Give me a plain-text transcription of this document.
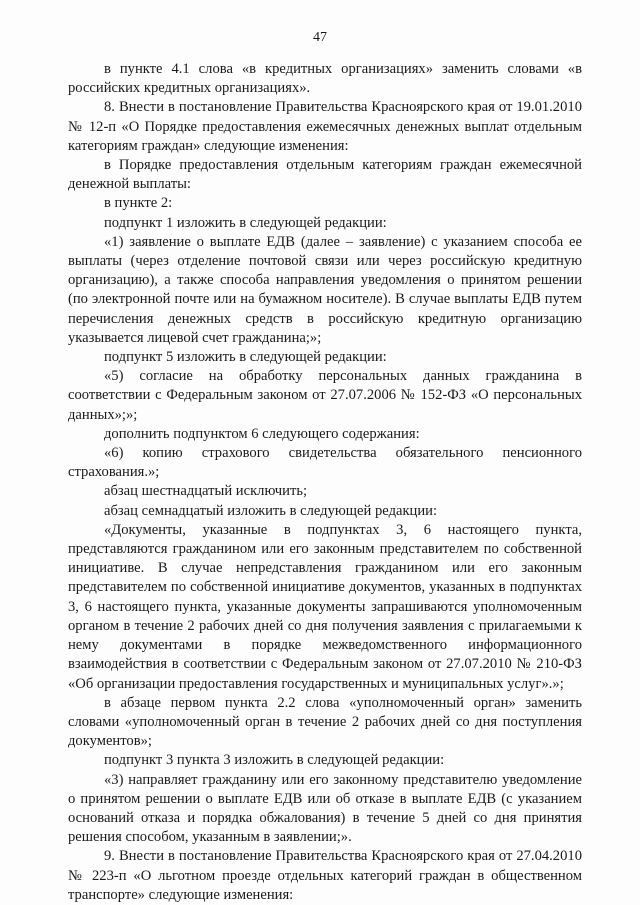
47

в пункте 4.1 слова «в кредитных организациях» заменить словами «в российских кредитных организациях».

8. Внести в постановление Правительства Красноярского края от 19.01.2010 № 12-п «О Порядке предоставления ежемесячных денежных выплат отдельным категориям граждан» следующие изменения:

в Порядке предоставления отдельным категориям граждан ежемесячной денежной выплаты:

в пункте 2:

подпункт 1 изложить в следующей редакции:

«1) заявление о выплате ЕДВ (далее – заявление) с указанием способа ее выплаты (через отделение почтовой связи или через российскую кредитную организацию), а также способа направления уведомления о принятом решении (по электронной почте или на бумажном носителе). В случае выплаты ЕДВ путем перечисления денежных средств в российскую кредитную организацию указывается лицевой счет гражданина;»;

подпункт 5 изложить в следующей редакции:

«5) согласие на обработку персональных данных гражданина в соответствии с Федеральным законом от 27.07.2006 № 152-ФЗ «О персональных данных»;»;

дополнить подпунктом 6 следующего содержания:

«6) копию страхового свидетельства обязательного пенсионного страхования.»;

абзац шестнадцатый исключить;

абзац семнадцатый изложить в следующей редакции:

«Документы, указанные в подпунктах 3, 6 настоящего пункта, представляются гражданином или его законным представителем по собственной инициативе. В случае непредставления гражданином или его законным представителем по собственной инициативе документов, указанных в подпунктах 3, 6 настоящего пункта, указанные документы запрашиваются уполномоченным органом в течение 2 рабочих дней со дня получения заявления с прилагаемыми к нему документами в порядке межведомственного информационного взаимодействия в соответствии с Федеральным законом от 27.07.2010 № 210-ФЗ «Об организации предоставления государственных и муниципальных услуг».»;

в абзаце первом пункта 2.2 слова «уполномоченный орган» заменить словами «уполномоченный орган в течение 2 рабочих дней со дня поступления документов»;

подпункт 3 пункта 3 изложить в следующей редакции:

«3) направляет гражданину или его законному представителю уведомление о принятом решении о выплате ЕДВ или об отказе в выплате ЕДВ (с указанием оснований отказа и порядка обжалования) в течение 5 дней со дня принятия решения способом, указанным в заявлении;».

9. Внести в постановление Правительства Красноярского края от 27.04.2010 № 223-п «О льготном проезде отдельных категорий граждан в общественном транспорте» следующие изменения:
